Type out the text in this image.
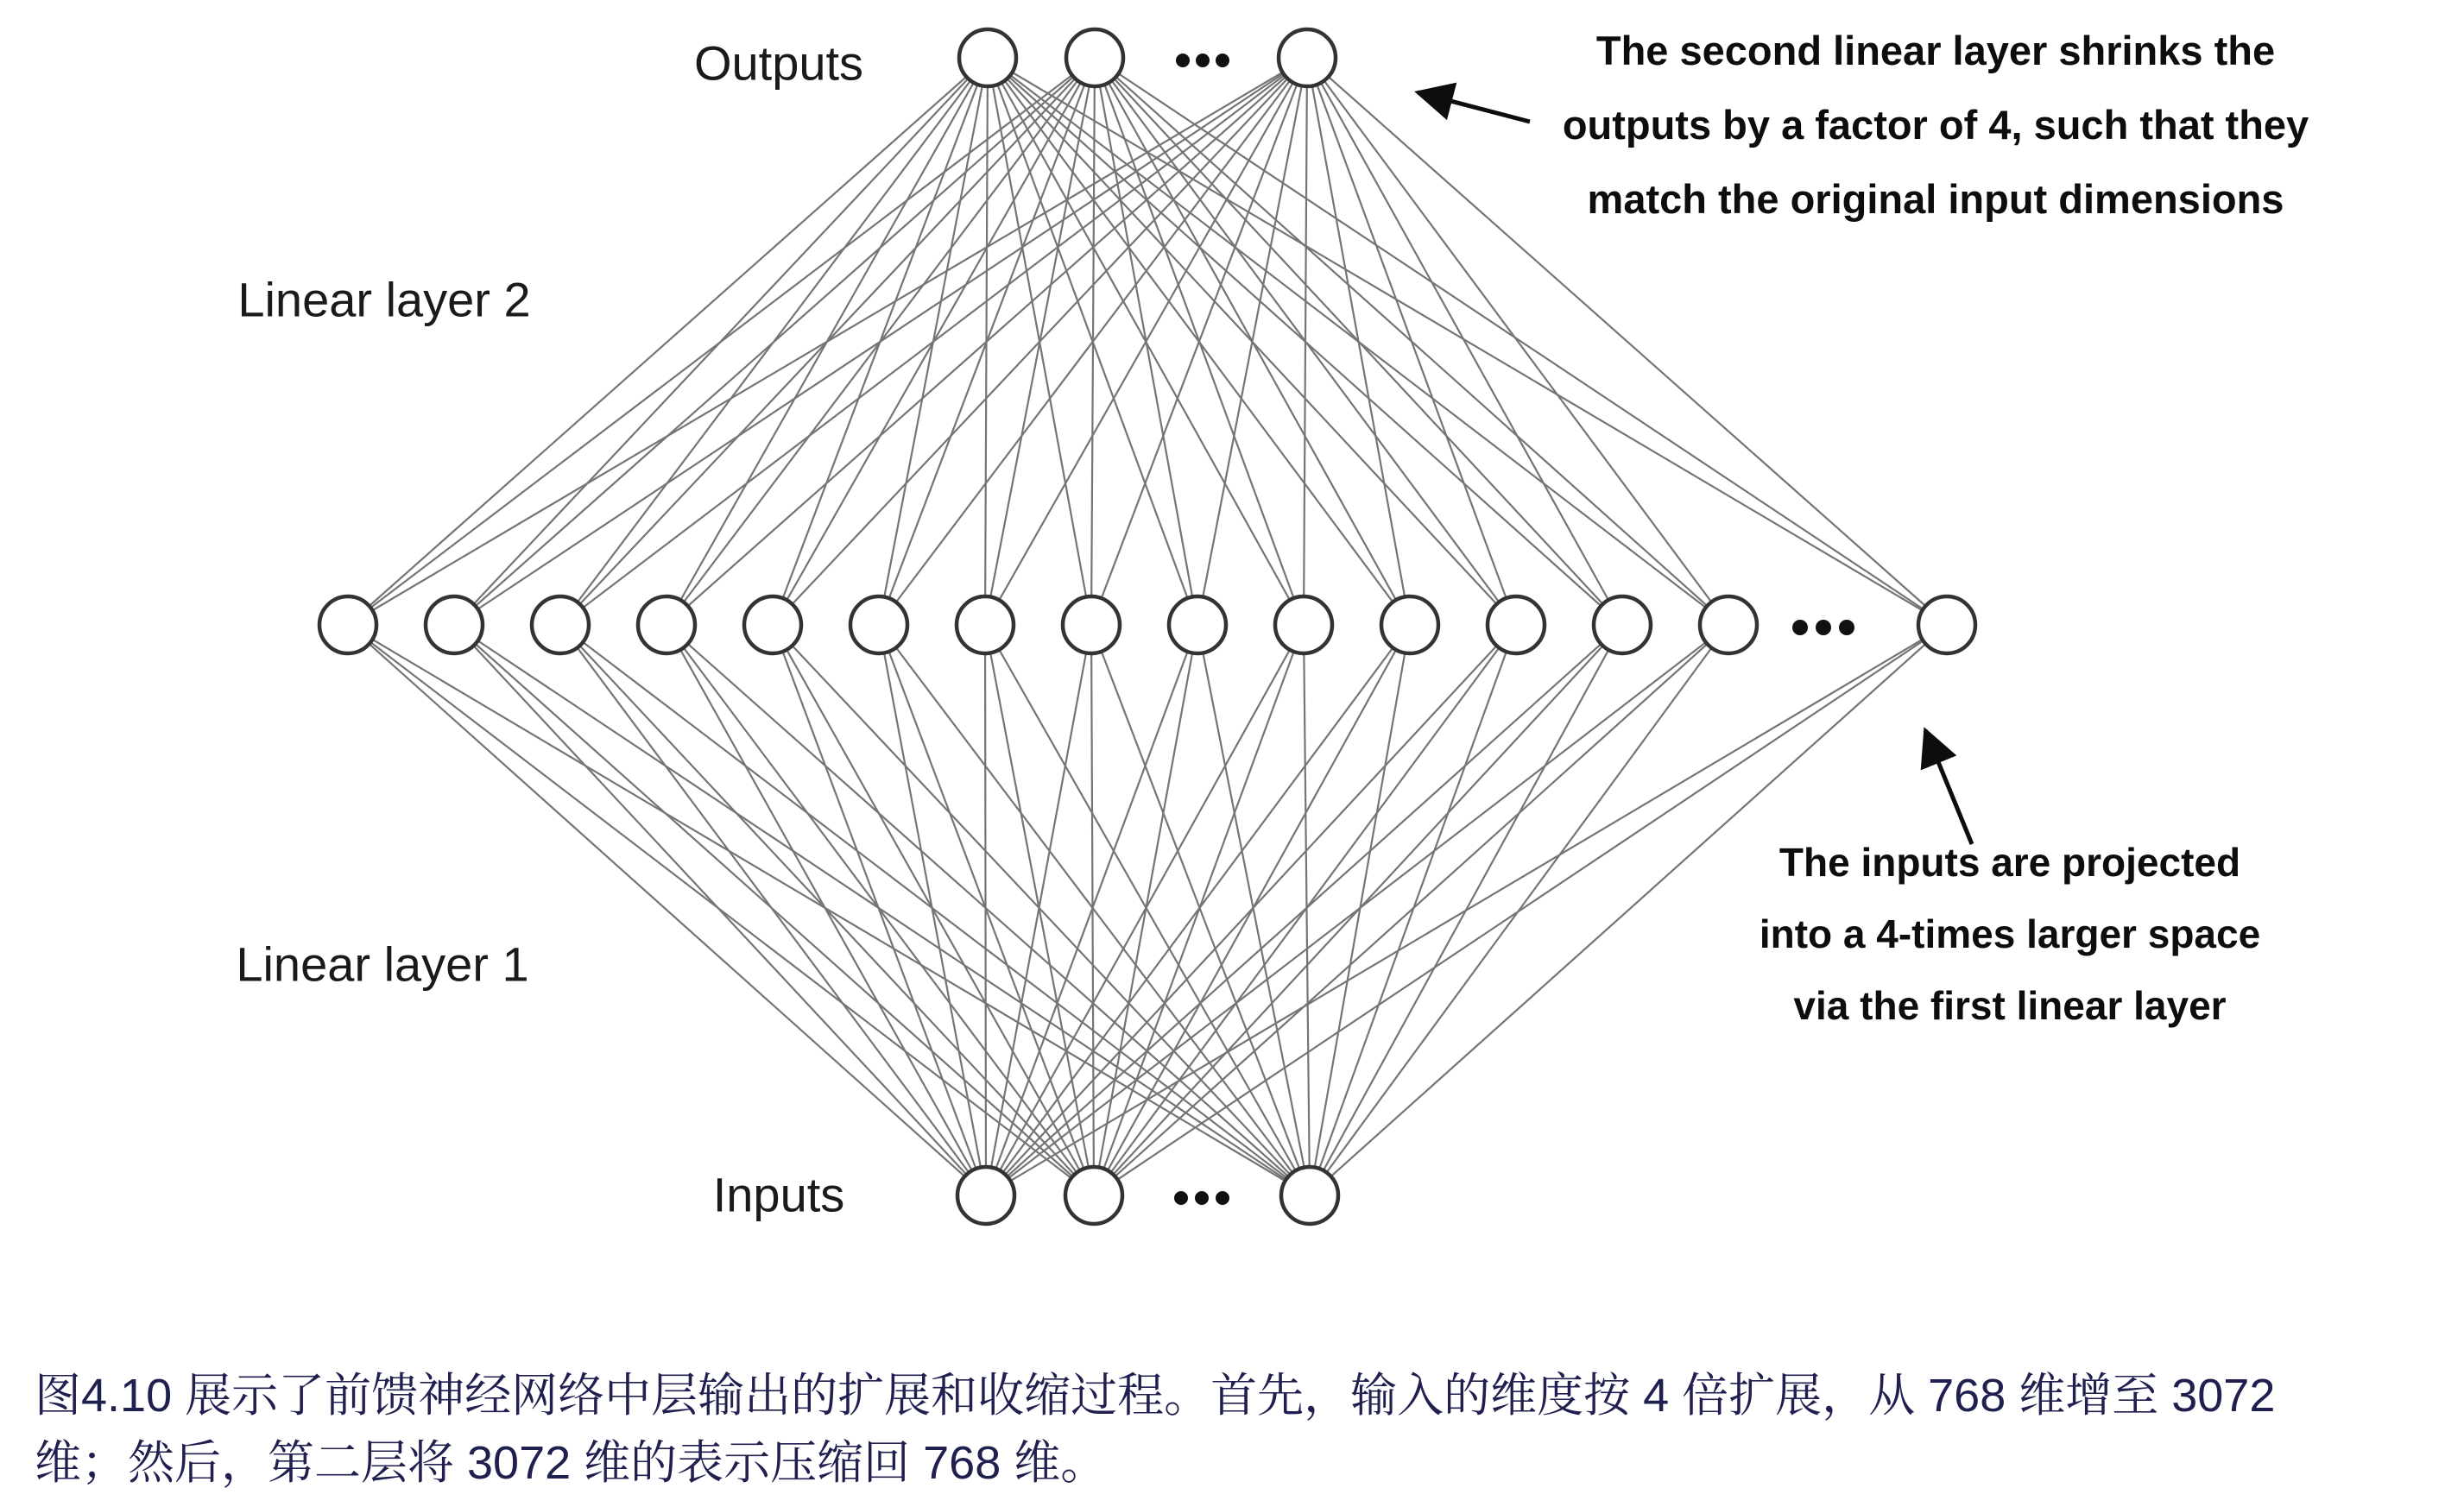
Outputs
Linear layer 2
Linear layer 1
Inputs
The second linear layer shrinks the
outputs by a factor of 4, such that they
match the original input dimensions
The inputs are projected
into a 4-times larger space
via the first linear layer
图4.10 展示了前馈神经网络中层输出的扩展和收缩过程。首先，输入的维度按 4 倍扩展，从 768 维增至 3072
维；然后，第二层将 3072 维的表示压缩回 768 维。
